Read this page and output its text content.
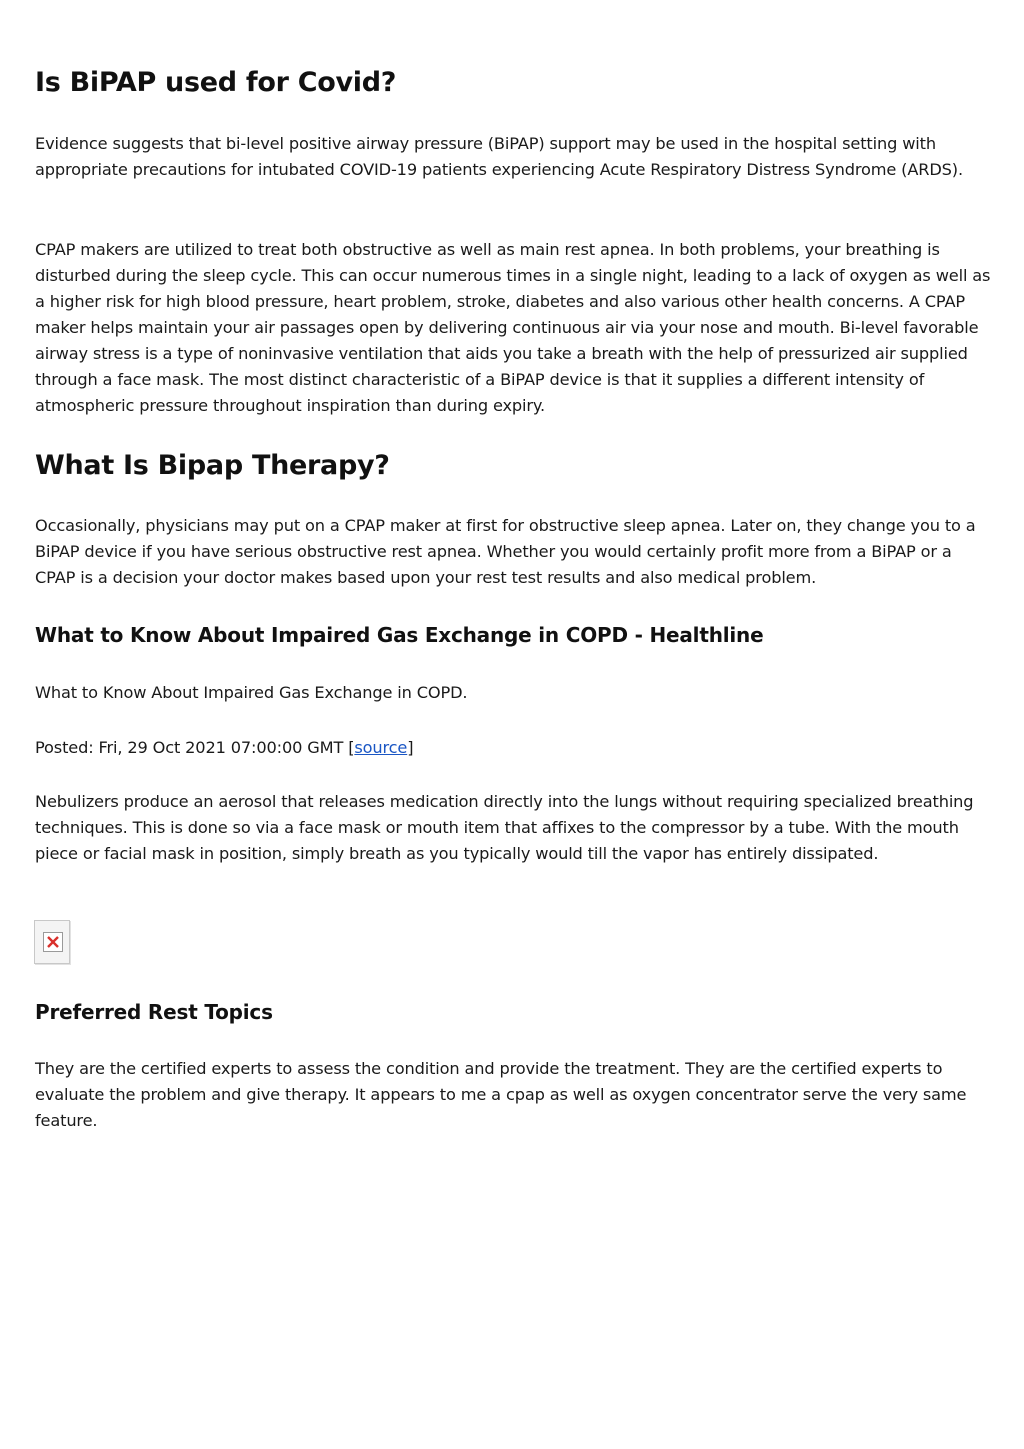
Is BiPAP used for Covid?

Evidence suggests that bi-level positive airway pressure (BiPAP) support may be used in the hospital setting with appropriate precautions for intubated COVID-19 patients experiencing Acute Respiratory Distress Syndrome (ARDS).

CPAP makers are utilized to treat both obstructive as well as main rest apnea. In both problems, your breathing is disturbed during the sleep cycle. This can occur numerous times in a single night, leading to a lack of oxygen as well as a higher risk for high blood pressure, heart problem, stroke, diabetes and also various other health concerns. A CPAP maker helps maintain your air passages open by delivering continuous air via your nose and mouth. Bi-level favorable airway stress is a type of noninvasive ventilation that aids you take a breath with the help of pressurized air supplied through a face mask. The most distinct characteristic of a BiPAP device is that it supplies a different intensity of atmospheric pressure throughout inspiration than during expiry.

What Is Bipap Therapy?

Occasionally, physicians may put on a CPAP maker at first for obstructive sleep apnea. Later on, they change you to a BiPAP device if you have serious obstructive rest apnea. Whether you would certainly profit more from a BiPAP or a CPAP is a decision your doctor makes based upon your rest test results and also medical problem.

What to Know About Impaired Gas Exchange in COPD - Healthline

What to Know About Impaired Gas Exchange in COPD.

Posted: Fri, 29 Oct 2021 07:00:00 GMT [source]

Nebulizers produce an aerosol that releases medication directly into the lungs without requiring specialized breathing techniques. This is done so via a face mask or mouth item that affixes to the compressor by a tube. With the mouth piece or facial mask in position, simply breath as you typically would till the vapor has entirely dissipated.

Preferred Rest Topics

They are the certified experts to assess the condition and provide the treatment. They are the certified experts to evaluate the problem and give therapy. It appears to me a cpap as well as oxygen concentrator serve the very same feature.
